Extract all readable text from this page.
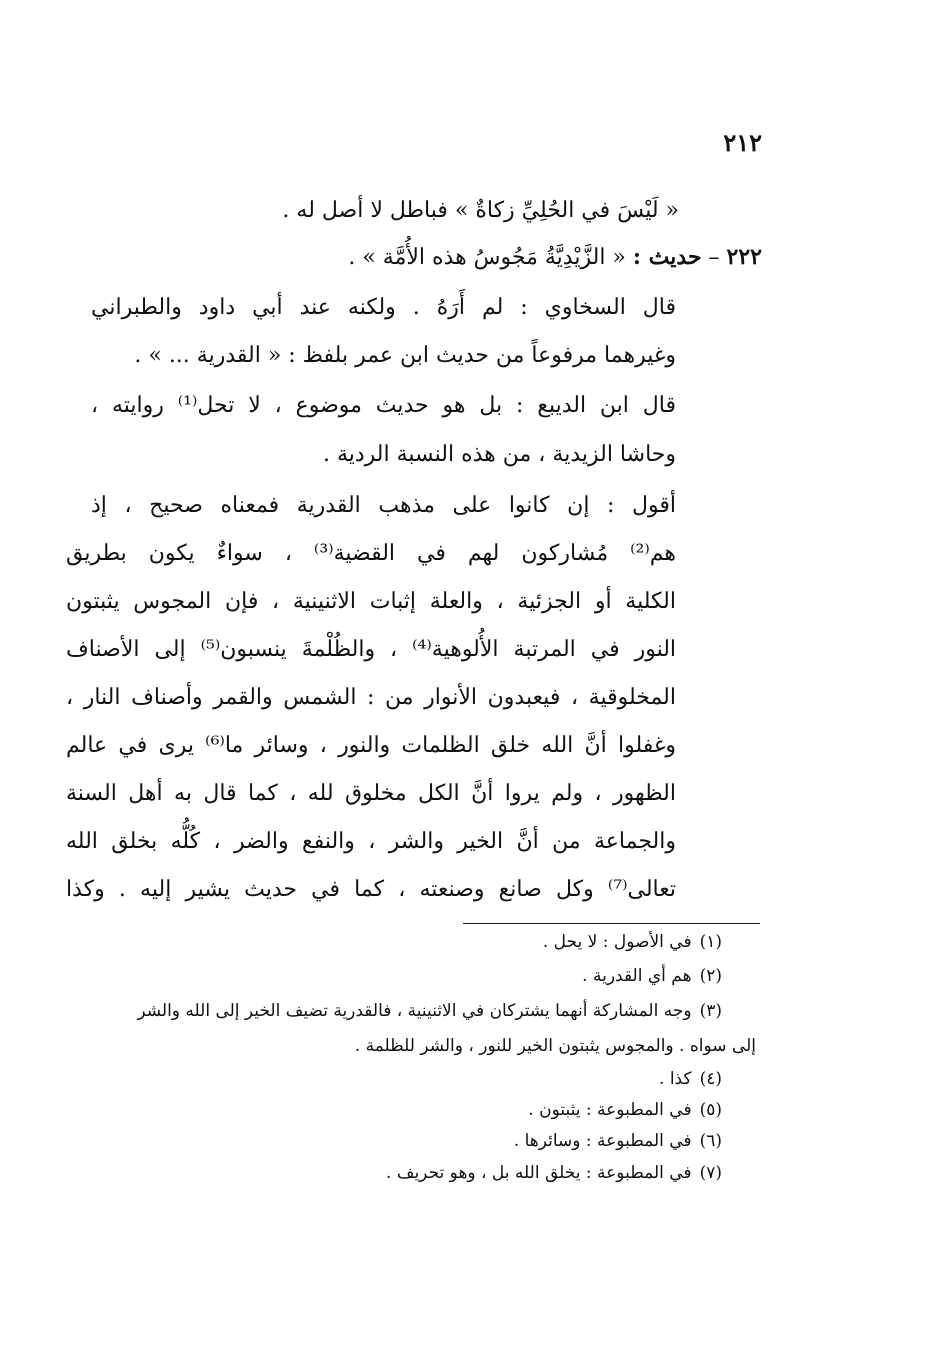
٢١٢
« لَيْسَ في الحُلِيِّ زكاةٌ » فباطل لا أصل له .
٢٢٢ – حديث : « الزَّيْدِيَّةُ مَجُوسُ هذه الأُمَّة » .
قال السخاوي : لم أَرَهُ . ولكنه عند أبي داود والطبراني
وغيرهما مرفوعاً من حديث ابن عمر بلفظ : « القدرية ... » .
قال ابن الديبع : بل هو حديث موضوع ، لا تحل⁽¹⁾ روايته ،
وحاشا الزيدية ، من هذه النسبة الردية .
أقول : إن كانوا على مذهب القدرية فمعناه صحيح ، إذ
هم⁽²⁾ مُشاركون لهم في القضية⁽³⁾ ، سواءٌ يكون بطريق
الكلية أو الجزئية ، والعلة إثبات الاثنينية ، فإن المجوس يثبتون
النور في المرتبة الأُلوهية⁽⁴⁾ ، والظُلْمةَ ينسبون⁽⁵⁾ إلى الأصناف
المخلوقية ، فيعبدون الأنوار من : الشمس والقمر وأصناف النار ،
وغفلوا أنَّ الله خلق الظلمات والنور ، وسائر ما⁽⁶⁾ يرى في عالم
الظهور ، ولم يروا أنَّ الكل مخلوق لله ، كما قال به أهل السنة
والجماعة من أنَّ الخير والشر ، والنفع والضر ، كُلُّه بخلق الله
تعالى⁽⁷⁾ وكل صانع وصنعته ، كما في حديث يشير إليه . وكذا
(١)في الأصول : لا يحل .
(٢)هم أي القدرية .
(٣)وجه المشاركة أنهما يشتركان في الاثنينية ، فالقدرية تضيف الخير إلى الله والشر
إلى سواه . والمجوس يثبتون الخير للنور ، والشر للظلمة .
(٤)كذا .
(٥)في المطبوعة : يثبتون .
(٦)في المطبوعة : وسائرها .
(٧)في المطبوعة : يخلق الله بل ، وهو تحريف .
